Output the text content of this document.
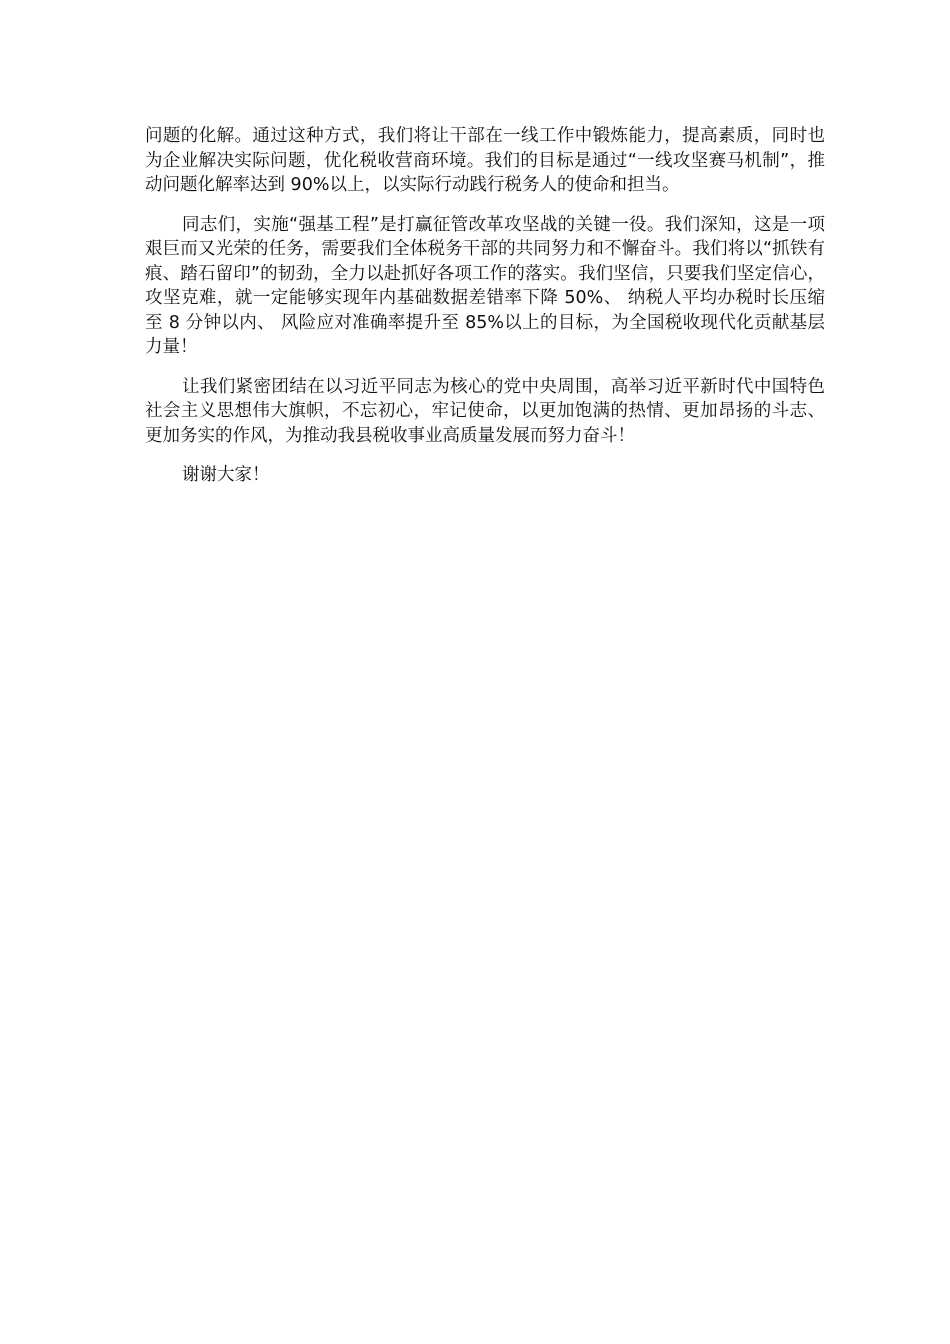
问题的化解。通过这种方式，我们将让干部在一线工作中锻炼能力，提高素质，同时也为企业解决实际问题，优化税收营商环境。我们的目标是通过“一线攻坚赛马机制”，推动问题化解率达到 90%以上，以实际行动践行税务人的使命和担当。

同志们，实施“强基工程”是打赢征管改革攻坚战的关键一役。我们深知，这是一项艰巨而又光荣的任务，需要我们全体税务干部的共同努力和不懈奋斗。我们将以“抓铁有痕、踏石留印”的韧劲，全力以赴抓好各项工作的落实。我们坚信，只要我们坚定信心，攻坚克难，就一定能够实现年内基础数据差错率下降 50%、 纳税人平均办税时长压缩至 8 分钟以内、 风险应对准确率提升至 85%以上的目标，为全国税收现代化贡献基层力量！

让我们紧密团结在以习近平同志为核心的党中央周围，高举习近平新时代中国特色社会主义思想伟大旗帜，不忘初心，牢记使命，以更加饱满的热情、更加昂扬的斗志、更加务实的作风，为推动我县税收事业高质量发展而努力奋斗！

谢谢大家！
